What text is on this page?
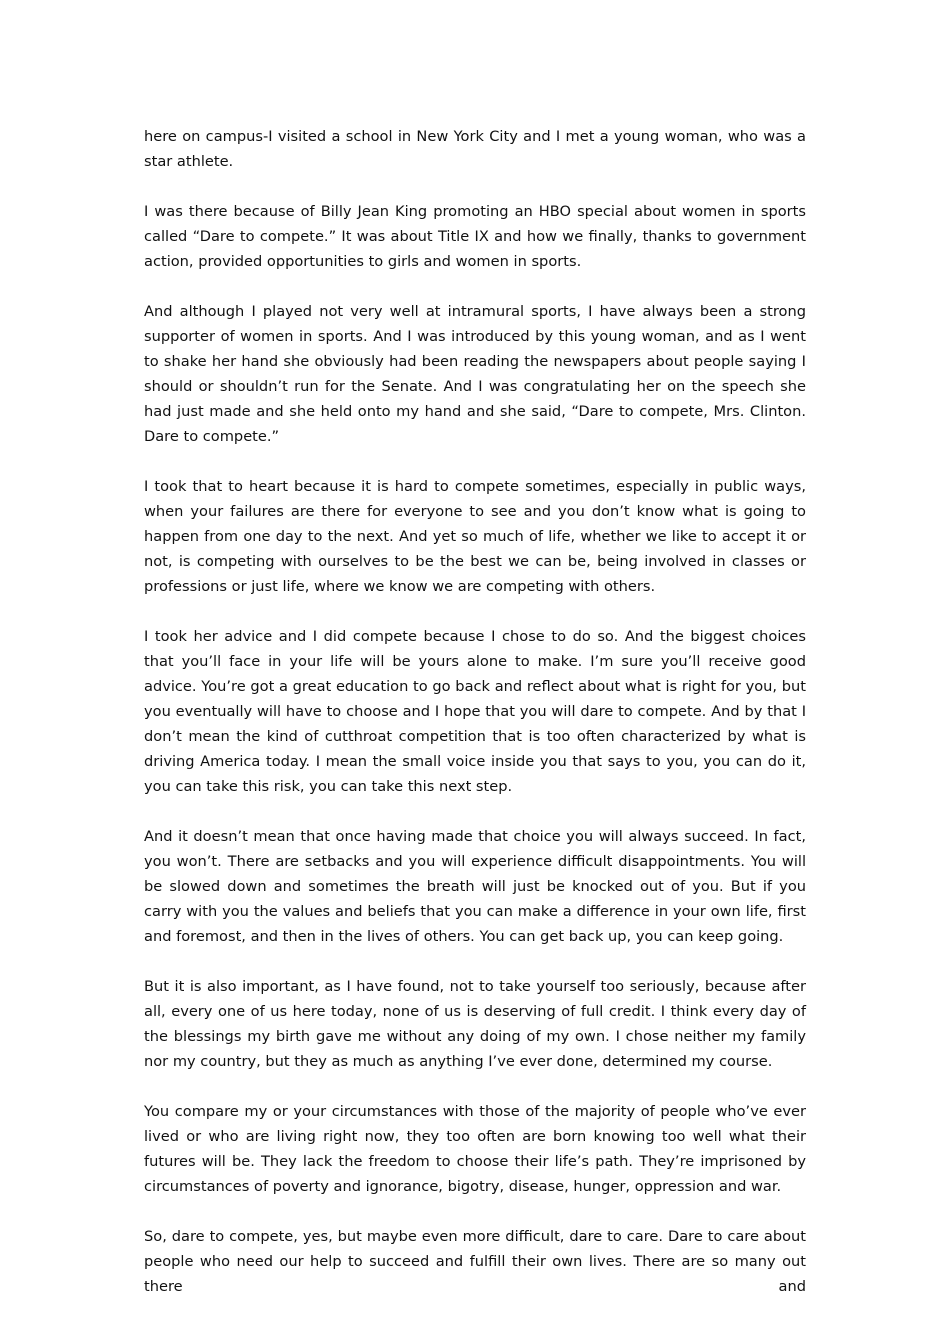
here on campus-I visited a school in New York City and I met a young woman, who was a star athlete.

I was there because of Billy Jean King promoting an HBO special about women in sports called “Dare to compete.” It was about Title IX and how we finally, thanks to government action, provided opportunities to girls and women in sports.

And although I played not very well at intramural sports, I have always been a strong supporter of women in sports. And I was introduced by this young woman, and as I went to shake her hand she obviously had been reading the newspapers about people saying I should or shouldn’t run for the Senate. And I was congratulating her on the speech she had just made and she held onto my hand and she said, “Dare to compete, Mrs. Clinton. Dare to compete.”

I took that to heart because it is hard to compete sometimes, especially in public ways, when your failures are there for everyone to see and you don’t know what is going to happen from one day to the next. And yet so much of life, whether we like to accept it or not, is competing with ourselves to be the best we can be, being involved in classes or professions or just life, where we know we are competing with others.

I took her advice and I did compete because I chose to do so. And the biggest choices that you’ll face in your life will be yours alone to make. I’m sure you’ll receive good advice. You’re got a great education to go back and reflect about what is right for you, but you eventually will have to choose and I hope that you will dare to compete. And by that I don’t mean the kind of cutthroat competition that is too often characterized by what is driving America today. I mean the small voice inside you that says to you, you can do it, you can take this risk, you can take this next step.

And it doesn’t mean that once having made that choice you will always succeed. In fact, you won’t. There are setbacks and you will experience difficult disappointments. You will be slowed down and sometimes the breath will just be knocked out of you. But if you carry with you the values and beliefs that you can make a difference in your own life, first and foremost, and then in the lives of others. You can get back up, you can keep going.

But it is also important, as I have found, not to take yourself too seriously, because after all, every one of us here today, none of us is deserving of full credit. I think every day of the blessings my birth gave me without any doing of my own. I chose neither my family nor my country, but they as much as anything I’ve ever done, determined my course.

You compare my or your circumstances with those of the majority of people who’ve ever lived or who are living right now, they too often are born knowing too well what their futures will be. They lack the freedom to choose their life’s path. They’re imprisoned by circumstances of poverty and ignorance, bigotry, disease, hunger, oppression and war.

So, dare to compete, yes, but maybe even more difficult, dare to care. Dare to care about people who need our help to succeed and fulfill their own lives. There are so many out there and
